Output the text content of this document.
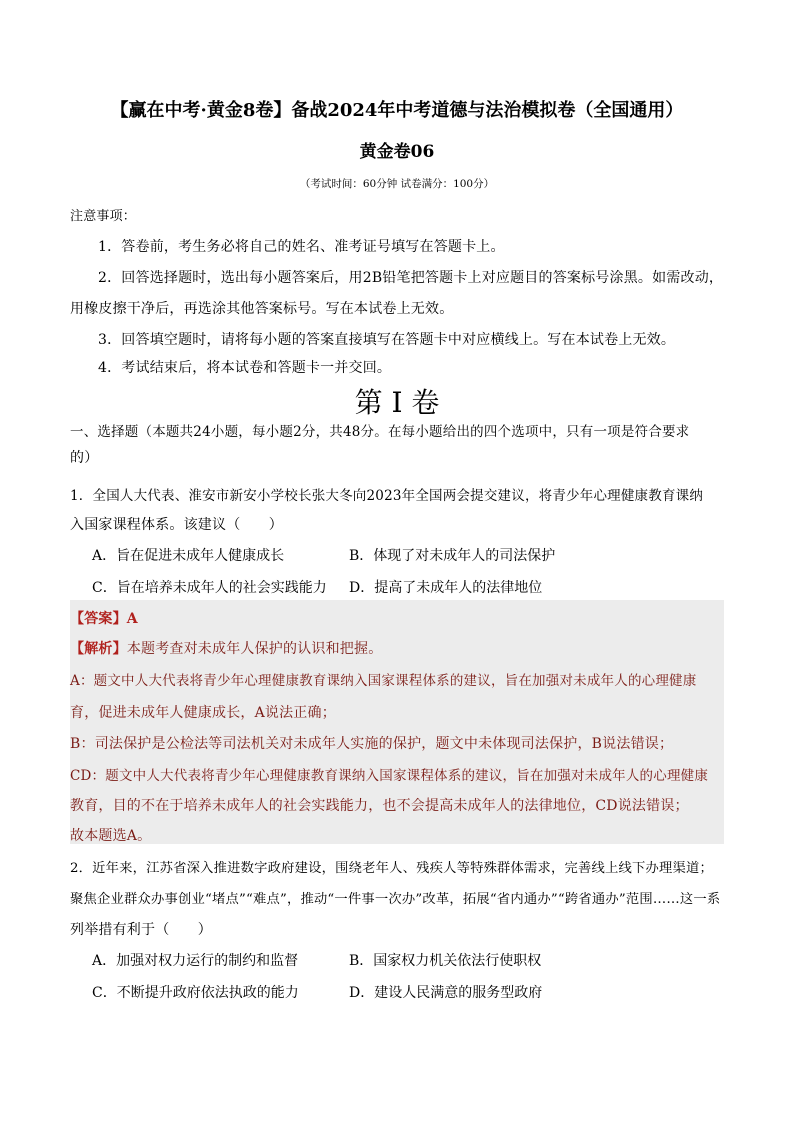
【赢在中考·黄金8卷】备战2024年中考道德与法治模拟卷（全国通用）
黄金卷06
（考试时间：60分钟 试卷满分：100分）
注意事项：
1．答卷前，考生务必将自己的姓名、准考证号填写在答题卡上。
2．回答选择题时，选出每小题答案后，用2B铅笔把答题卡上对应题目的答案标号涂黑。如需改动，
用橡皮擦干净后，再选涂其他答案标号。写在本试卷上无效。
3．回答填空题时，请将每小题的答案直接填写在答题卡中对应横线上。写在本试卷上无效。
4．考试结束后，将本试卷和答题卡一并交回。
第 I 卷
一、选择题（本题共24小题，每小题2分，共48分。在每小题给出的四个选项中，只有一项是符合要求
的）
1．全国人大代表、淮安市新安小学校长张大冬向2023年全国两会提交建议，将青少年心理健康教育课纳
入国家课程体系。该建议（　　）
A．旨在促进未成年人健康成长	B．体现了对未成年人的司法保护
C．旨在培养未成年人的社会实践能力 D．提高了未成年人的法律地位
【答案】A
【解析】本题考查对未成年人保护的认识和把握。
A：题文中人大代表将青少年心理健康教育课纳入国家课程体系的建议，旨在加强对未成年人的心理健康
育，促进未成年人健康成长，A说法正确；
B：司法保护是公检法等司法机关对未成年人实施的保护，题文中未体现司法保护，B说法错误；
CD：题文中人大代表将青少年心理健康教育课纳入国家课程体系的建议，旨在加强对未成年人的心理健康
教育，目的不在于培养未成年人的社会实践能力，也不会提高未成年人的法律地位，CD说法错误；
故本题选A。
2．近年来，江苏省深入推进数字政府建设，围绕老年人、残疾人等特殊群体需求，完善线上线下办理渠道；
聚焦企业群众办事创业“堵点”“难点”，推动“一件事一次办”改革，拓展“省内通办”“跨省通办”范围……这一系
列举措有利于（　　）
A．加强对权力运行的制约和监督	B．国家权力机关依法行使职权
C．不断提升政府依法执政的能力	D．建设人民满意的服务型政府
